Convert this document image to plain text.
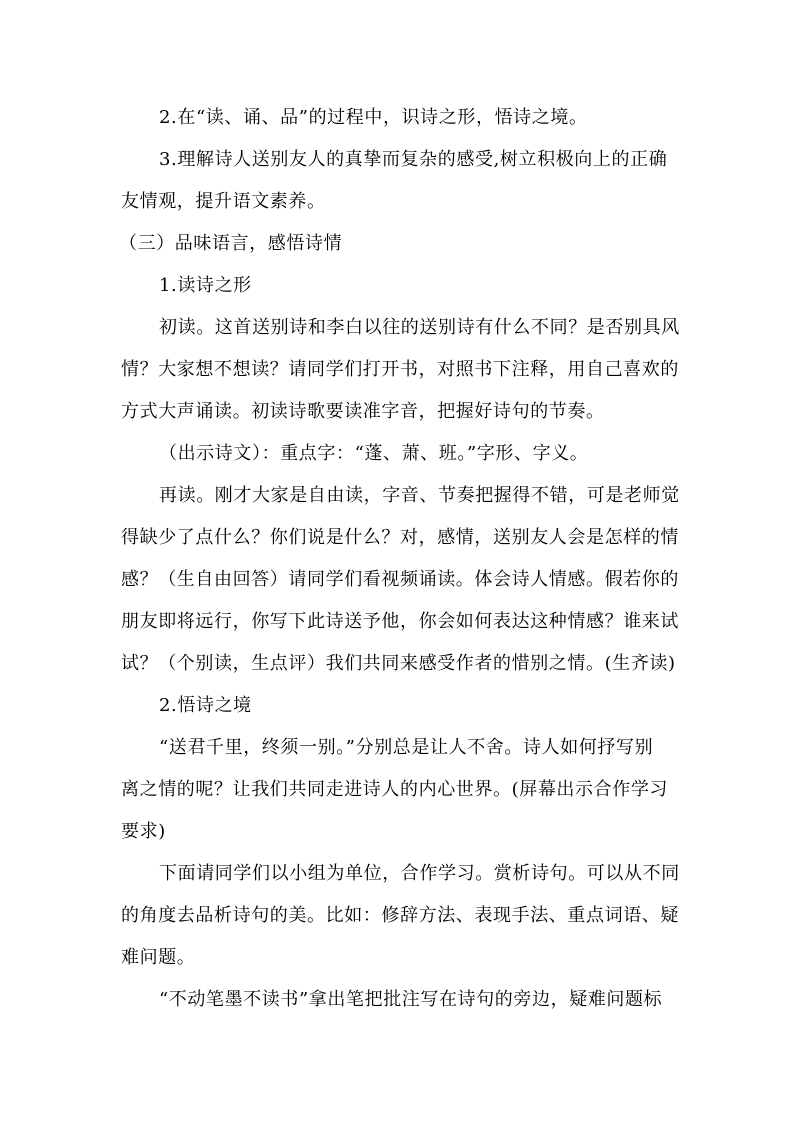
2.在“读、诵、品”的过程中，识诗之形，悟诗之境。

3.理解诗人送别友人的真挚而复杂的感受,树立积极向上的正确

友情观，提升语文素养。

（三）品味语言，感悟诗情

1.读诗之形

初读。这首送别诗和李白以往的送别诗有什么不同？是否别具风

情？大家想不想读？请同学们打开书，对照书下注释，用自己喜欢的

方式大声诵读。初读诗歌要读准字音，把握好诗句的节奏。

（出示诗文）：重点字：“蓬、萧、班。”字形、字义。

再读。刚才大家是自由读，字音、节奏把握得不错，可是老师觉

得缺少了点什么？你们说是什么？对，感情，送别友人会是怎样的情

感？（生自由回答）请同学们看视频诵读。体会诗人情感。假若你的

朋友即将远行，你写下此诗送予他，你会如何表达这种情感？谁来试

试？（个别读，生点评）我们共同来感受作者的惜别之情。(生齐读)

2.悟诗之境

“送君千里，终须一别。”分别总是让人不舍。诗人如何抒写别

离之情的呢？让我们共同走进诗人的内心世界。(屏幕出示合作学习

要求)

下面请同学们以小组为单位，合作学习。赏析诗句。可以从不同

的角度去品析诗句的美。比如：修辞方法、表现手法、重点词语、疑

难问题。

“不动笔墨不读书”拿出笔把批注写在诗句的旁边，疑难问题标
